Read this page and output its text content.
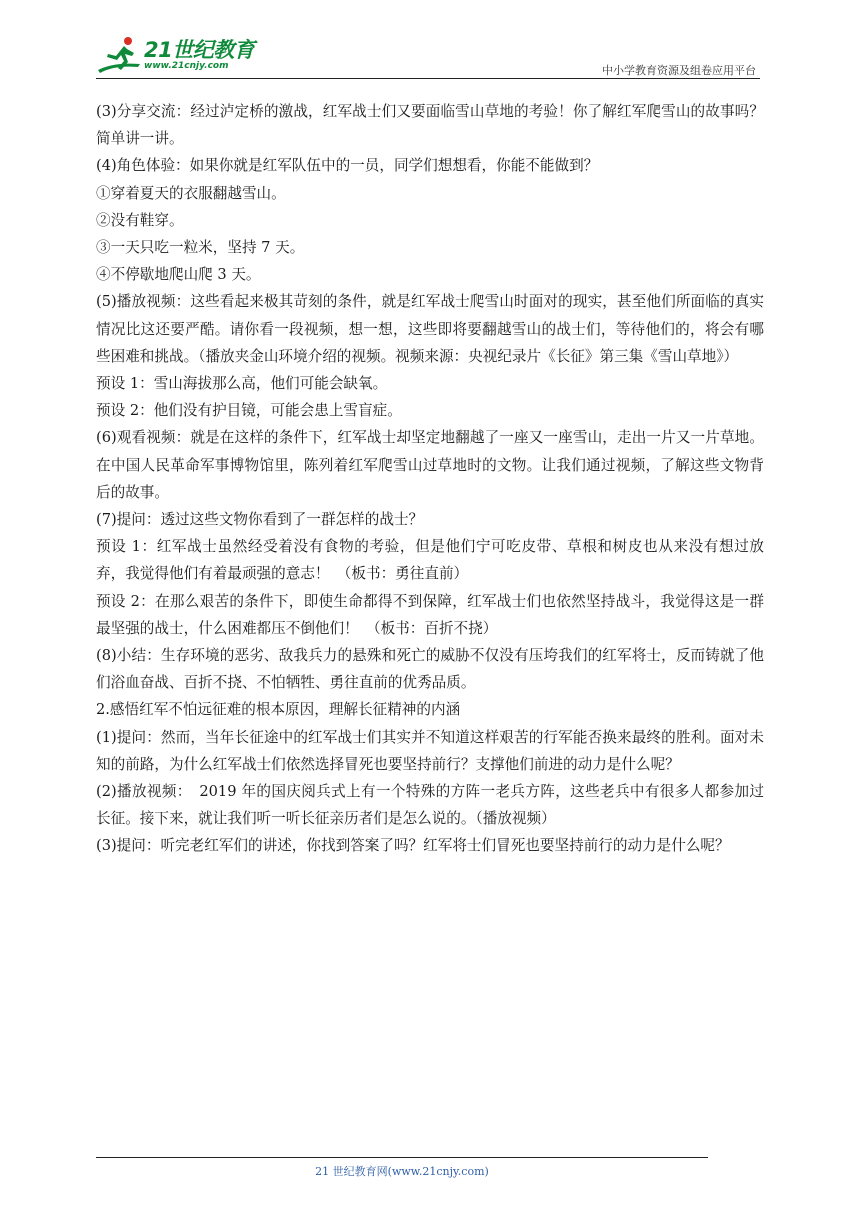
21世纪教育
www.21cnjy.com	中小学教育资源及组卷应用平台

(3)分享交流：经过泸定桥的激战，红军战士们又要面临雪山草地的考验！你了解红军爬雪山的故事吗？简单讲一讲。

(4)角色体验：如果你就是红军队伍中的一员，同学们想想看，你能不能做到？

①穿着夏天的衣服翻越雪山。

②没有鞋穿。

③一天只吃一粒米，坚持 7 天。

④不停歇地爬山爬 3 天。

(5)播放视频：这些看起来极其苛刻的条件，就是红军战士爬雪山时面对的现实，甚至他们所面临的真实情况比这还要严酷。请你看一段视频，想一想，这些即将要翻越雪山的战士们，等待他们的，将会有哪些困难和挑战。（播放夹金山环境介绍的视频。视频来源：央视纪录片《长征》第三集《雪山草地》）

预设 1：雪山海拔那么高，他们可能会缺氧。

预设 2：他们没有护目镜，可能会患上雪盲症。

(6)观看视频：就是在这样的条件下，红军战士却坚定地翻越了一座又一座雪山，走出一片又一片草地。在中国人民革命军事博物馆里，陈列着红军爬雪山过草地时的文物。让我们通过视频，了解这些文物背后的故事。

(7)提问：透过这些文物你看到了一群怎样的战士？

预设 1：红军战士虽然经受着没有食物的考验，但是他们宁可吃皮带、草根和树皮也从来没有想过放弃，我觉得他们有着最顽强的意志！　（板书：勇往直前）

预设 2：在那么艰苦的条件下，即使生命都得不到保障，红军战士们也依然坚持战斗，我觉得这是一群最坚强的战士，什么困难都压不倒他们！　（板书：百折不挠）

(8)小结：生存环境的恶劣、敌我兵力的悬殊和死亡的威胁不仅没有压垮我们的红军将士，反而铸就了他们浴血奋战、百折不挠、不怕牺牲、勇往直前的优秀品质。

2.感悟红军不怕远征难的根本原因，理解长征精神的内涵

(1)提问：然而，当年长征途中的红军战士们其实并不知道这样艰苦的行军能否换来最终的胜利。面对未知的前路，为什么红军战士们依然选择冒死也要坚持前行？支撑他们前进的动力是什么呢？

(2)播放视频：　2019 年的国庆阅兵式上有一个特殊的方阵一老兵方阵，这些老兵中有很多人都参加过长征。接下来，就让我们听一听长征亲历者们是怎么说的。（播放视频）

(3)提问：听完老红军们的讲述，你找到答案了吗？红军将士们冒死也要坚持前行的动力是什么呢？

21 世纪教育网(www.21cnjy.com)
